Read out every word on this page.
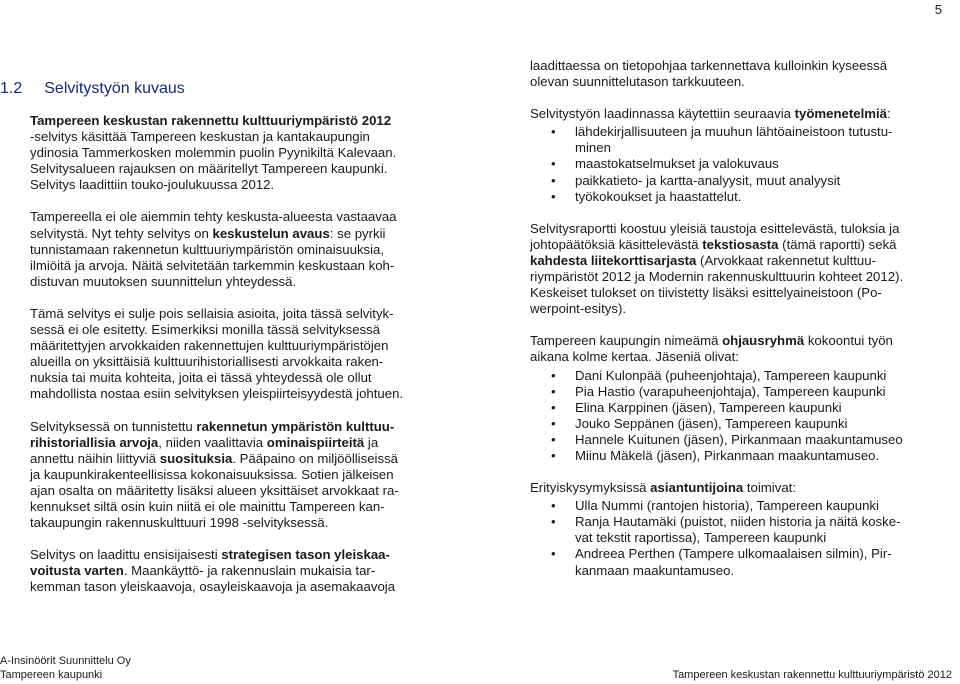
5
1.2 Selvitystyön kuvaus

Tampereen keskustan rakennettu kulttuuriympäristö 2012

-selvitys käsittää Tampereen keskustan ja kantakaupungin
ydinosia Tammerkosken molemmin puolin Pyynikiltä Kalevaan.
Selvitysalueen rajauksen on määritellyt Tampereen kaupunki.
Selvitys laadittiin touko-joulukuussa 2012.

Tampereella ei ole aiemmin tehty keskusta-alueesta vastaavaa
selvitystä. Nyt tehty selvitys on keskustelun avaus: se pyrkii
tunnistamaan rakennetun kulttuuriympäristön ominaisuuksia,
ilmiöitä ja arvoja. Näitä selvitetään tarkemmin keskustaan koh-
distuvan muutoksen suunnittelun yhteydessä.

Tämä selvitys ei sulje pois sellaisia asioita, joita tässä selvityk-
sessä ei ole esitetty. Esimerkiksi monilla tässä selvityksessä
määritettyjen arvokkaiden rakennettujen kulttuuriympäristöjen
alueilla on yksittäisiä kulttuurihistoriallisesti arvokkaita raken-
nuksia tai muita kohteita, joita ei tässä yhteydessä ole ollut
mahdollista nostaa esiin selvityksen yleispiirteisyydestä johtuen.

Selvityksessä on tunnistettu rakennetun ympäristön kulttuu-
rihistoriallisia arvoja, niiden vaalittavia ominaispiirteitä ja
annettu näihin liittyviä suosituksia. Pääpaino on miljöölliseissä
ja kaupunkirakenteellisissa kokonaisuuksissa. Sotien jälkeisen
ajan osalta on määritetty lisäksi alueen yksittäiset arvokkaat ra-
kennukset siltä osin kuin niitä ei ole mainittu Tampereen kan-
takaupungin rakennuskulttuuri 1998 -selvityksessä.

Selvitys on laadittu ensisijaisesti strategisen tason yleiskaa-
voitusta varten. Maankäyttö- ja rakennuslain mukaisia tar-
kemman tason yleiskaavoja, osayleiskaavoja ja asemakaavoja

laadittaessa on tietopohjaa tarkennettava kulloinkin kyseessä
olevan suunnittelutason tarkkuuteen.

Selvitystyön laadinnassa käytettiin seuraavia työmenetelmiä:

• lähdekirjallisuuteen ja muuhun lähtöaineistoon tutustu-
minen
• maastokatselmukset ja valokuvaus
• paikkatieto- ja kartta-analyysit, muut analyysit
• työkokoukset ja haastattelut.

Selvitysraportti koostuu yleisiä taustoja esittelevästä, tuloksia ja
johtopäätöksiä käsittelevästä tekstiosasta (tämä raportti) sekä
kahdesta liitekorttisarjasta (Arvokkaat rakennetut kulttuu-
riympäristöt 2012 ja Modernin rakennuskulttuurin kohteet 2012).
Keskeiset tulokset on tiivistetty lisäksi esittelyaineistoon (Po-
werpoint-esitys).

Tampereen kaupungin nimeämä ohjausryhmä kokoontui työn
aikana kolme kertaa. Jäseniä olivat:

• Dani Kulonpää (puheenjohtaja), Tampereen kaupunki
• Pia Hastio (varapuheenjohtaja), Tampereen kaupunki
• Elina Karppinen (jäsen), Tampereen kaupunki
• Jouko Seppänen (jäsen), Tampereen kaupunki
• Hannele Kuitunen (jäsen), Pirkanmaan maakuntamuseo
• Miinu Mäkelä (jäsen), Pirkanmaan maakuntamuseo.

Erityiskysymyksissä asiantuntijoina toimivat:

• Ulla Nummi (rantojen historia), Tampereen kaupunki
• Ranja Hautamäki (puistot, niiden historia ja näitä koske-
vat tekstit raportissa), Tampereen kaupunki
• Andreea Perthen (Tampere ulkomaalaisen silmin), Pir-
kanmaan maakuntamuseo.
A-Insinöörit Suunnittelu Oy
Tampereen kaupunki	Tampereen keskustan rakennettu kulttuuriympäristö 2012
